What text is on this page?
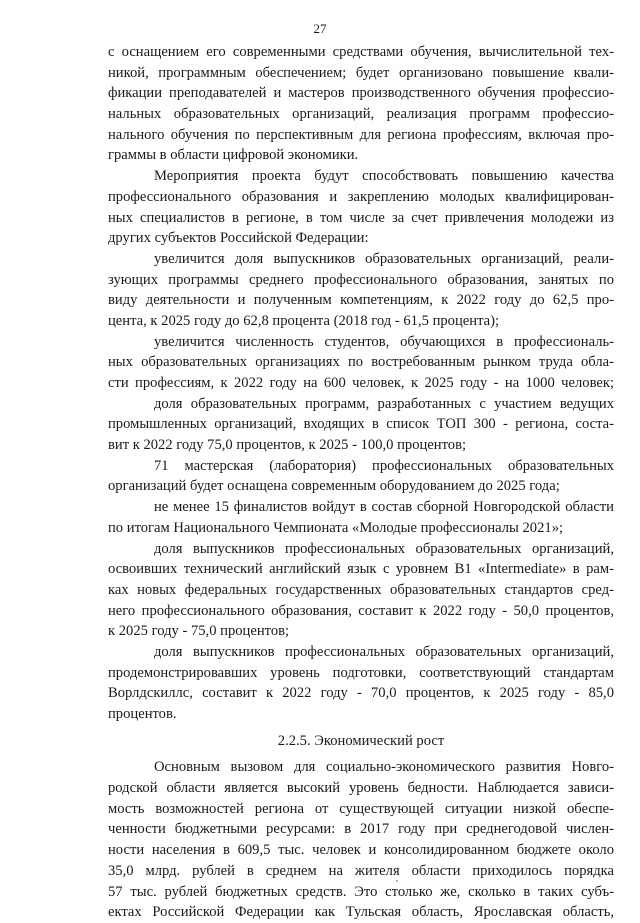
27
с оснащением его современными средствами обучения, вычислительной тех-
никой, программным обеспечением; будет организовано повышение квали-
фикации преподавателей и мастеров производственного обучения профессио-
нальных образовательных организаций, реализация программ профессио-
нального обучения по перспективным для региона профессиям, включая про-
граммы в области цифровой экономики.
Мероприятия проекта будут способствовать повышению качества
профессионального образования и закреплению молодых квалифицирован-
ных специалистов в регионе, в том числе за счет привлечения молодежи из
других субъектов Российской Федерации:
увеличится доля выпускников образовательных организаций, реали-
зующих программы среднего профессионального образования, занятых по
виду деятельности и полученным компетенциям, к 2022 году до 62,5 про-
цента, к 2025 году до 62,8 процента (2018 год - 61,5 процента);
увеличится численность студентов, обучающихся в профессиональ-
ных образовательных организациях по востребованным рынком труда обла-
сти профессиям, к 2022 году на 600 человек, к 2025 году - на 1000 человек;
доля образовательных программ, разработанных с участием ведущих
промышленных организаций, входящих в список ТОП 300 - региона, соста-
вит к 2022 году 75,0 процентов, к 2025 - 100,0 процентов;
71 мастерская (лаборатория) профессиональных образовательных
организаций будет оснащена современным оборудованием до 2025 года;
не менее 15 финалистов войдут в состав сборной Новгородской области
по итогам Национального Чемпионата «Молодые профессионалы 2021»;
доля выпускников профессиональных образовательных организаций,
освоивших технический английский язык с уровнем B1 «Intermediate» в рам-
ках новых федеральных государственных образовательных стандартов сред-
него профессионального образования, составит к 2022 году - 50,0 процентов,
к 2025 году - 75,0 процентов;
доля выпускников профессиональных образовательных организаций,
продемонстрировавших уровень подготовки, соответствующий стандартам
Ворлдскиллс, составит к 2022 году - 70,0 процентов, к 2025 году - 85,0
процентов.
2.2.5. Экономический рост
Основным вызовом для социально-экономического развития Новго-
родской области является высокий уровень бедности. Наблюдается зависи-
мость возможностей региона от существующей ситуации низкой обеспе-
ченности бюджетными ресурсами: в 2017 году при среднегодовой числен-
ности населения в 609,5 тыс. человек и консолидированном бюджете около
35,0 млрд. рублей в среднем на жителя области приходилось порядка
57 тыс. рублей бюджетных средств. Это столько же, сколько в таких субъ-
ектах Российской Федерации как Тульская область, Ярославская область,
